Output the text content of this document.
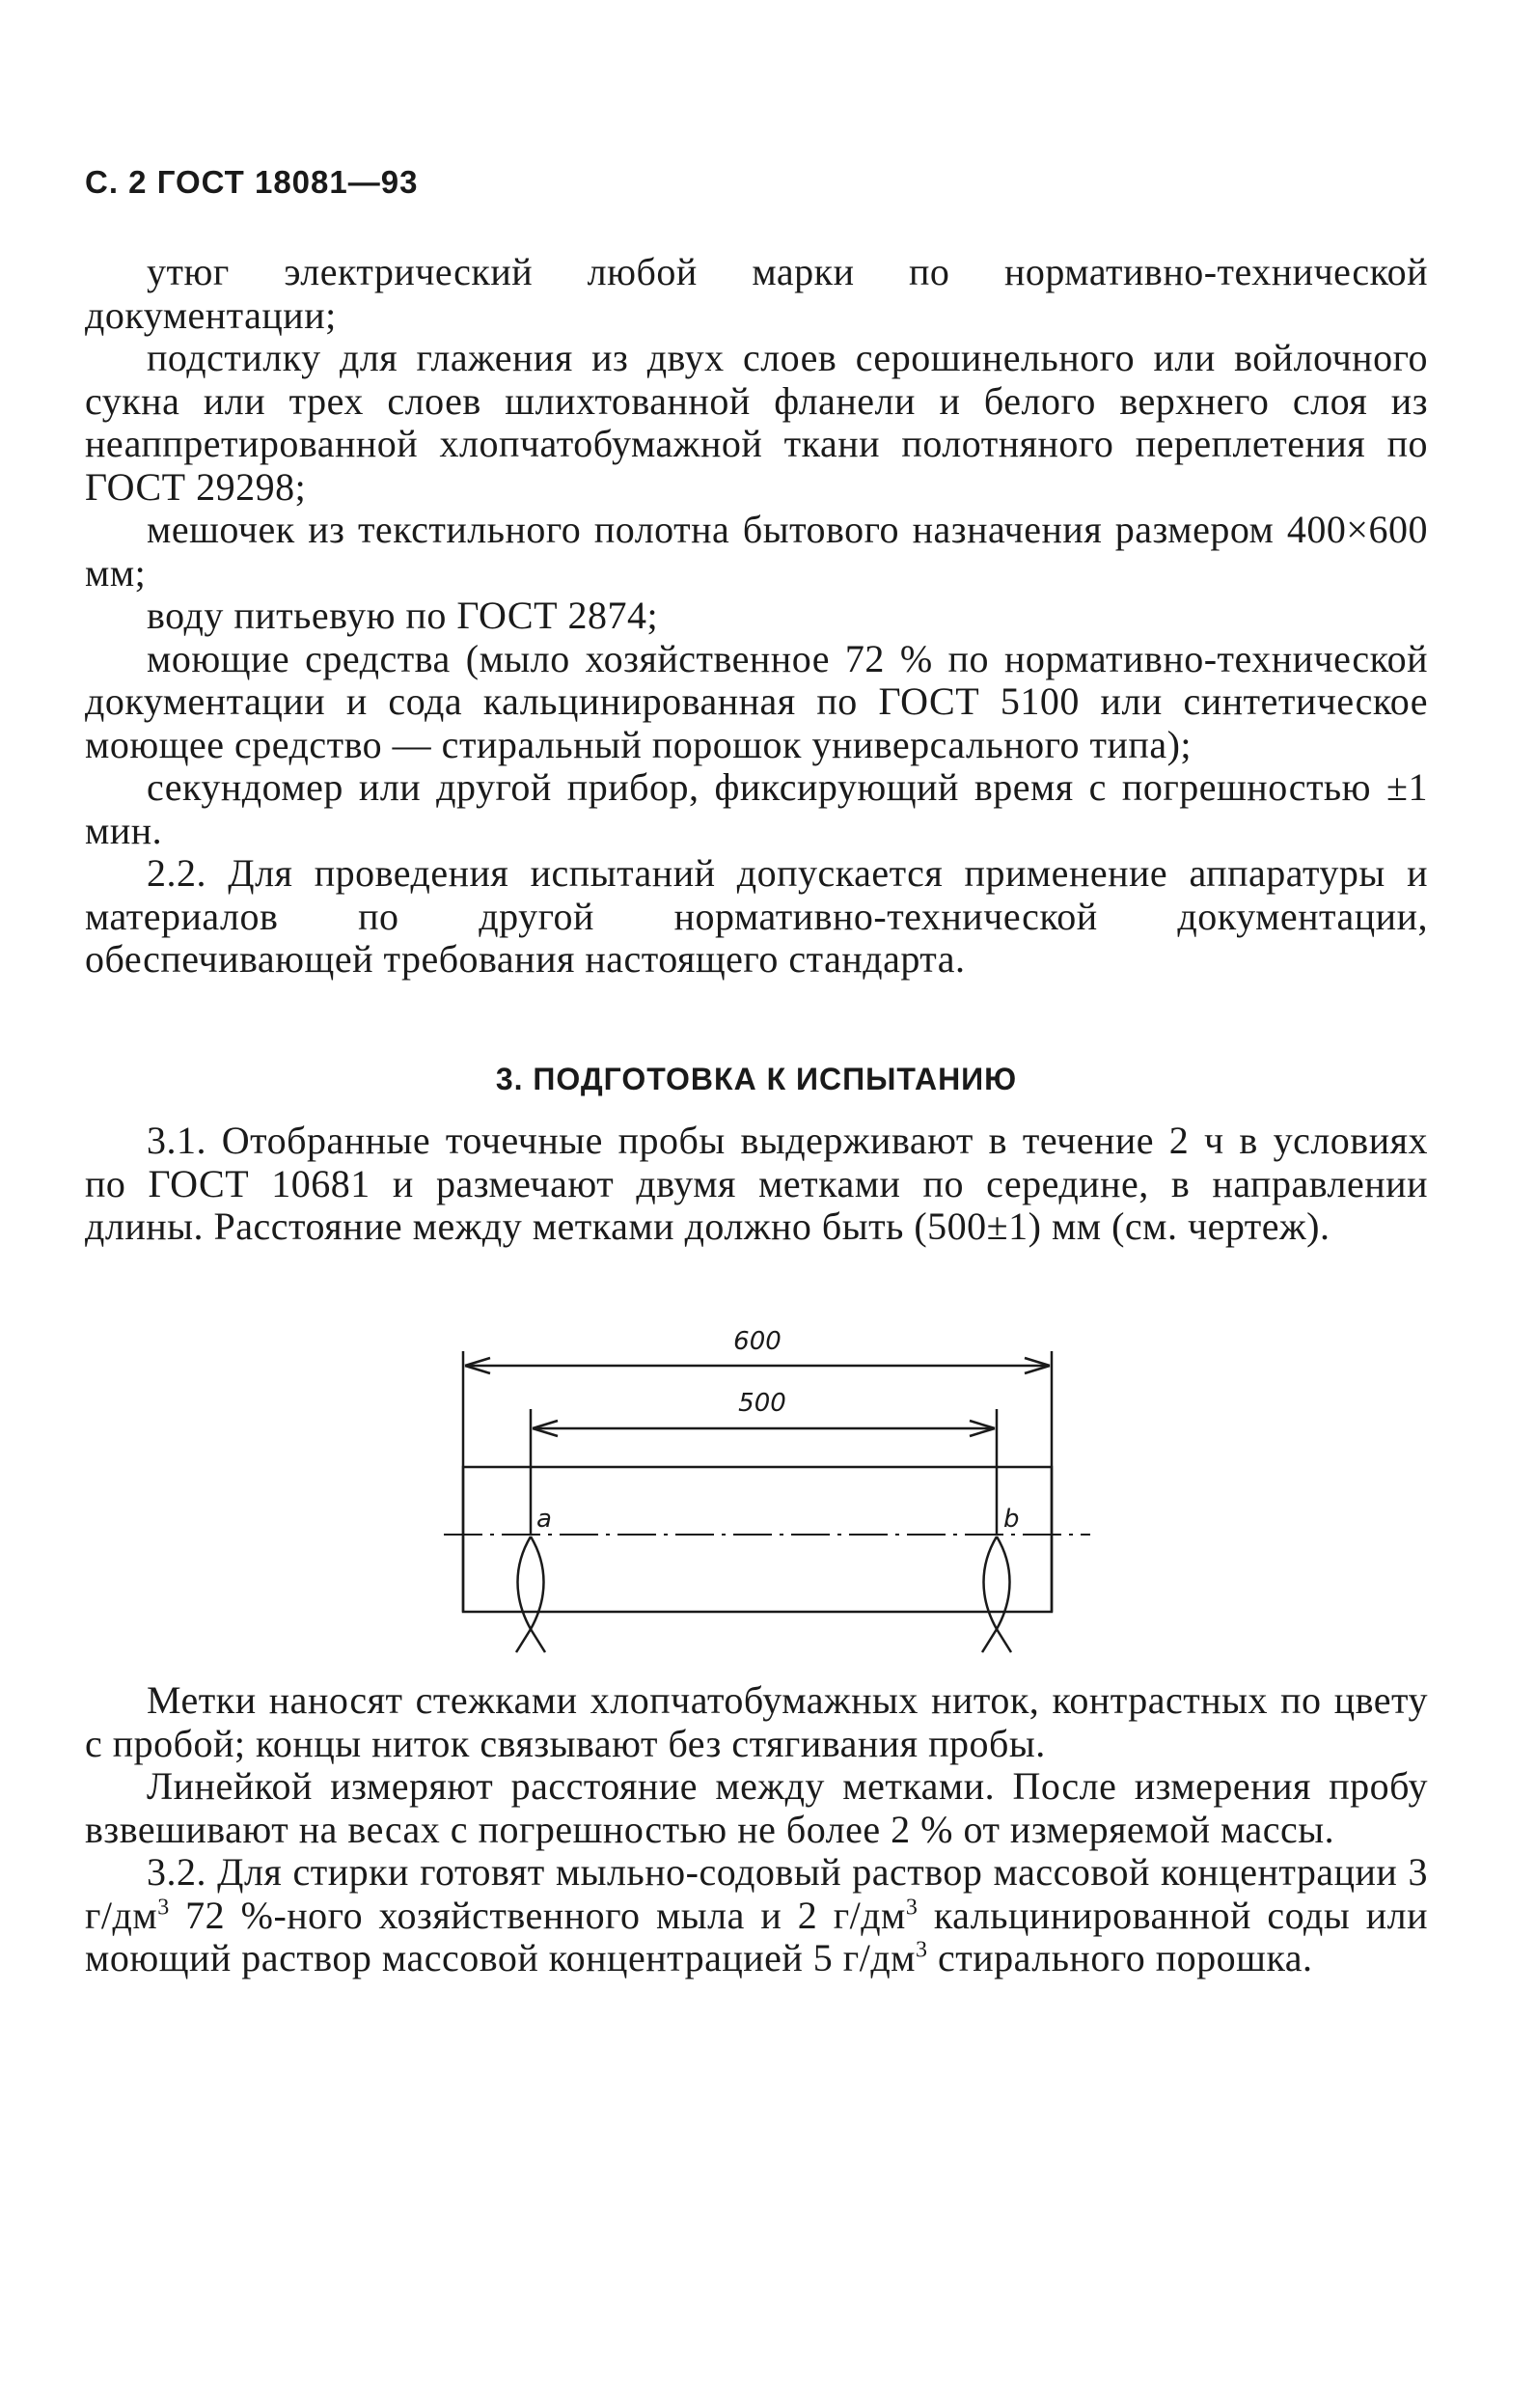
С. 2 ГОСТ 18081—93

утюг электрический любой марки по нормативно-технической документации;

подстилку для глажения из двух слоев серошинельного или войлочного сукна или трех слоев шлихтованной фланели и белого верхнего слоя из неаппретированной хлопчатобумажной ткани полотняного переплетения по ГОСТ 29298;

мешочек из текстильного полотна бытового назначения размером 400×600 мм;

воду питьевую по ГОСТ 2874;

моющие средства (мыло хозяйственное 72 % по нормативно-технической документации и сода кальцинированная по ГОСТ 5100 или синтетическое моющее средство — стиральный порошок универсального типа);

секундомер или другой прибор, фиксирующий время с погрешностью ±1 мин.

2.2. Для проведения испытаний допускается применение аппаратуры и материалов по другой нормативно-технической документации, обеспечивающей требования настоящего стандарта.

3. ПОДГОТОВКА К ИСПЫТАНИЮ

3.1. Отобранные точечные пробы выдерживают в течение 2 ч в условиях по ГОСТ 10681 и размечают двумя метками по середине, в направлении длины. Расстояние между метками должно быть (500±1) мм (см. чертеж).

600
500
a	b

Метки наносят стежками хлопчатобумажных ниток, контрастных по цвету с пробой; концы ниток связывают без стягивания пробы.

Линейкой измеряют расстояние между метками. После измерения пробу взвешивают на весах с погрешностью не более 2 % от измеряемой массы.

3.2. Для стирки готовят мыльно-содовый раствор массовой концентрации 3 $г/дм^3$ 72 %-ного хозяйственного мыла и 2 $г/дм^3$ кальцинированной соды или моющий раствор массовой концентрацией 5 $г/дм^3$ стирального порошка.
